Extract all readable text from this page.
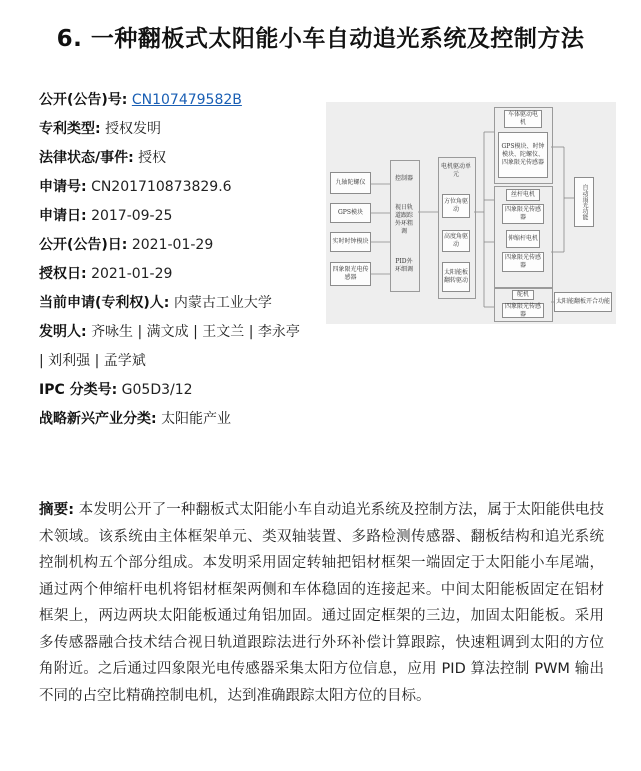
6. 一种翻板式太阳能小车自动追光系统及控制方法
公开(公告)号: CN107479582B
专利类型: 授权发明
法律状态/事件: 授权
申请号: CN201710873829.6
申请日: 2017-09-25
公开(公告)日: 2021-01-29
授权日: 2021-01-29
当前申请(专利权)人: 内蒙古工业大学
发明人: 齐咏生 | 满文成 | 王文兰 | 李永亭 | 刘利强 | 孟学斌
IPC 分类号: G05D3/12
战略新兴产业分类: 太阳能产业
九轴陀螺仪
GPS模块
实时时钟模块
四象限光电传感器
控制器
视日轨道跟踪外环粗调
PID外环细调
电机驱动单元
方位角驱动
高度角驱动
太阳能板翻转驱动
车体驱动电机
GPS模块、时钟模块、陀螺仪、四象限光传感器
丝杆电机
四象限光传感器
伸缩杆电机
四象限光传感器
舵机
四象限光传感器
自动追光功能
太阳能翻板开合功能
摘要: 本发明公开了一种翻板式太阳能小车自动追光系统及控制方法，属于太阳能供电技术领域。该系统由主体框架单元、类双轴装置、多路检测传感器、翻板结构和追光系统控制机构五个部分组成。本发明采用固定转轴把铝材框架一端固定于太阳能小车尾端，通过两个伸缩杆电机将铝材框架两侧和车体稳固的连接起来。中间太阳能板固定在铝材框架上，两边两块太阳能板通过角铝加固。通过固定框架的三边，加固太阳能板。采用多传感器融合技术结合视日轨道跟踪法进行外环补偿计算跟踪，快速粗调到太阳的方位角附近。之后通过四象限光电传感器采集太阳方位信息，应用 PID 算法控制 PWM 输出不同的占空比精确控制电机，达到准确跟踪太阳方位的目标。
